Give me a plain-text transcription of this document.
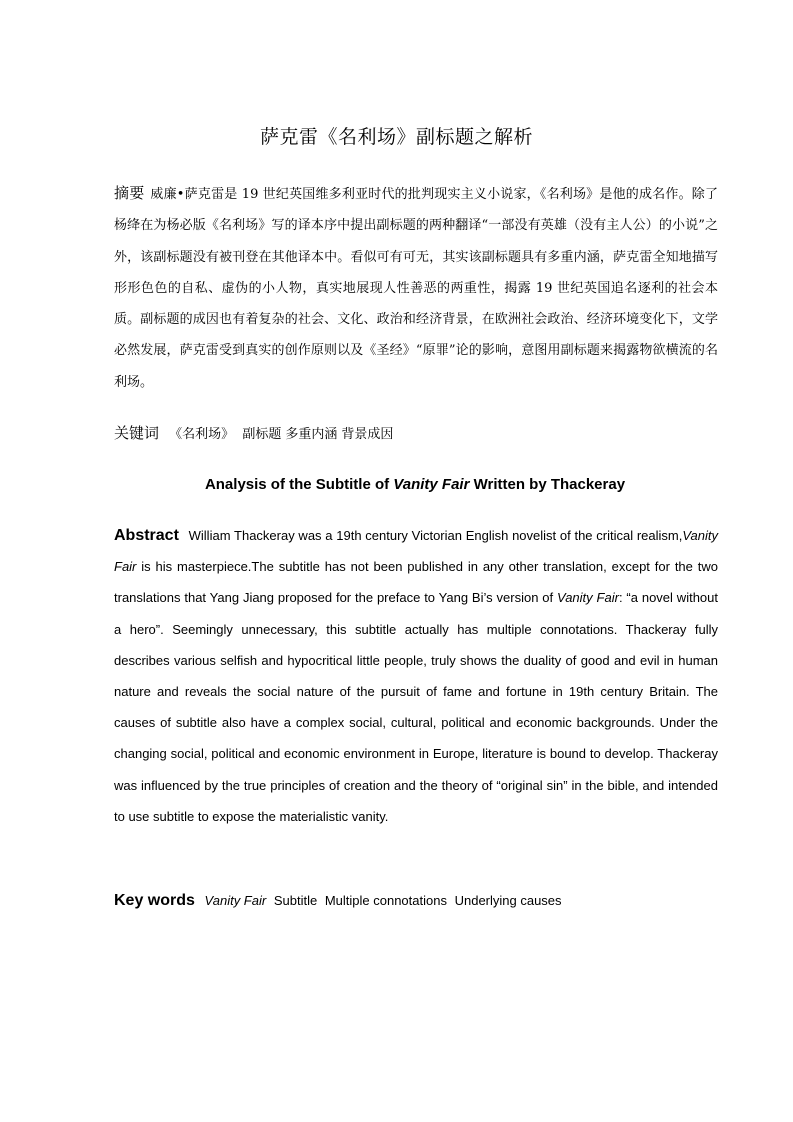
萨克雷《名利场》副标题之解析

摘要 威廉•萨克雷是 19 世纪英国维多利亚时代的批判现实主义小说家，《名利场》是他的成名作。除了杨绛在为杨必版《名利场》写的译本序中提出副标题的两种翻译“一部没有英雄（没有主人公）的小说”之外，该副标题没有被刊登在其他译本中。看似可有可无，其实该副标题具有多重内涵，萨克雷全知地描写形形色色的自私、虚伪的小人物，真实地展现人性善恶的两重性，揭露 19 世纪英国追名逐利的社会本质。副标题的成因也有着复杂的社会、文化、政治和经济背景，在欧洲社会政治、经济环境变化下，文学必然发展，萨克雷受到真实的创作原则以及《圣经》“原罪”论的影响，意图用副标题来揭露物欲横流的名利场。

关键词 《名利场》 副标题 多重内涵 背景成因

Analysis of the Subtitle of Vanity Fair Written by Thackeray

Abstract William Thackeray was a 19th century Victorian English novelist of the critical realism,Vanity Fair is his masterpiece.The subtitle has not been published in any other translation, except for the two translations that Yang Jiang proposed for the preface to Yang Bi’s version of Vanity Fair: “a novel without a hero”. Seemingly unnecessary, this subtitle actually has multiple connotations. Thackeray fully describes various selfish and hypocritical little people, truly shows the duality of good and evil in human nature and reveals the social nature of the pursuit of fame and fortune in 19th century Britain. The causes of subtitle also have a complex social, cultural, political and economic backgrounds. Under the changing social, political and economic environment in Europe, literature is bound to develop. Thackeray was influenced by the true principles of creation and the theory of “original sin” in the bible, and intended to use subtitle to expose the materialistic vanity.

Key words Vanity Fair Subtitle Multiple connotations Underlying causes
